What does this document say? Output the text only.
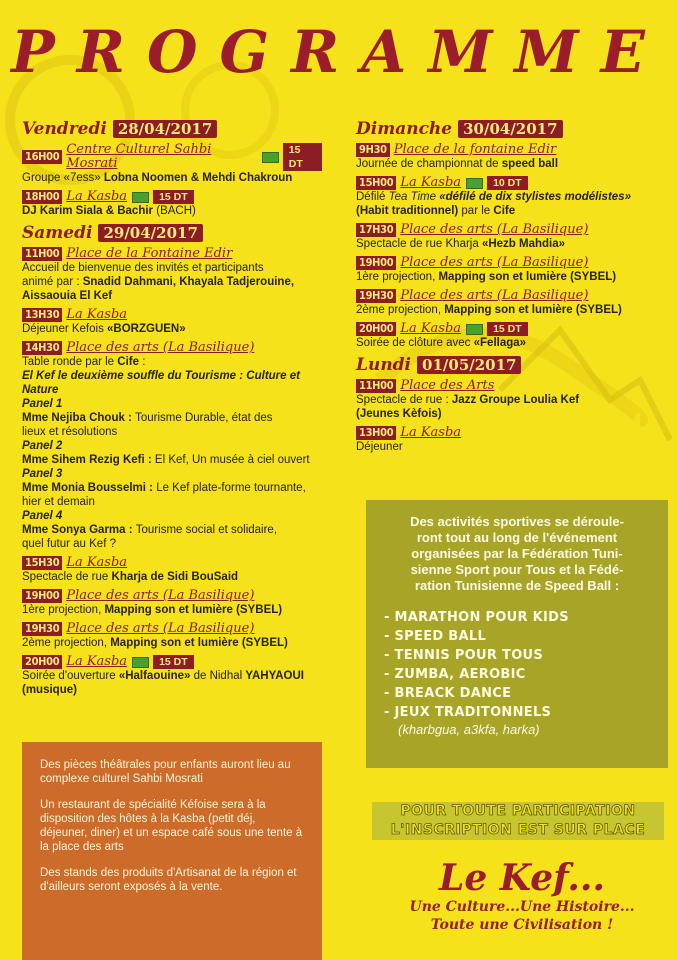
PROGRAMME
Vendredi 28/04/2017
16H00 Centre Culturel Sahbi Mosrati
15 DT
Groupe «7ess» Lobna Noomen & Mehdi Chakroun
18H00 La Kasba	15 DT
DJ Karim Siala & Bachir (BACH)
Samedi 29/04/2017
11H00 Place de la Fontaine Edir
Accueil de bienvenue des invités et participants
animé par : Snadid Dahmani, Khayala Tadjerouine,
Aissaouia El Kef
13H30 La Kasba
Déjeuner Kefois «BORZGUEN»
14H30 Place des arts (La Basilique)
Table ronde par le Cife :
El Kef le deuxième souffle du Tourisme : Culture et Nature
Panel 1
Mme Nejiba Chouk : Tourisme Durable, état des
lieux et résolutions
Panel 2
Mme Sihem Rezig Kefi : El Kef, Un musée à ciel ouvert
Panel 3
Mme Monia Bousselmi : Le Kef plate-forme tournante,
hier et demain
Panel 4
Mme Sonya Garma : Tourisme social et solidaire,
quel futur au Kef ?
15H30 La Kasba
Spectacle de rue Kharja de Sidi BouSaid
19H00 Place des arts (La Basilique)
1ère projection, Mapping son et lumière (SYBEL)
19H30 Place des arts (La Basilique)
2ème projection, Mapping son et lumière (SYBEL)
20H00 La Kasba	15 DT
Soirée d'ouverture «Halfaouine» de Nidhal YAHYAOUI
(musique)
Dimanche 30/04/2017
9H30 Place de la fontaine Edir
Journée de championnat de speed ball
15H00 La Kasba	10 DT
Défilé Tea Time «défilé de dix stylistes modélistes»
(Habit traditionnel) par le Cife
17H30 Place des arts (La Basilique)
Spectacle de rue Kharja «Hezb Mahdia»
19H00 Place des arts (La Basilique)
1ère projection, Mapping son et lumière (SYBEL)
19H30 Place des arts (La Basilique)
2ème projection, Mapping son et lumière (SYBEL)
20H00 La Kasba	15 DT
Soirée de clôture avec «Fellaga»
Lundi 01/05/2017
11H00 Place des Arts
Spectacle de rue : Jazz Groupe Loulia Kef
(Jeunes Kèfois)
13H00 La Kasba
Déjeuner
Des activités sportives se déroule-
ront tout au long de l'événement
organisées par la Fédération Tuni-
sienne Sport pour Tous et la Fédé-
ration Tunisienne de Speed Ball :
- MARATHON POUR KIDS
- SPEED BALL
- TENNIS POUR TOUS
- ZUMBA, AEROBIC
- BREACK DANCE
- JEUX TRADITONNELS
(kharbgua, a3kfa, harka)

Des pièces théâtrales pour enfants auront lieu au complexe culturel Sahbi Mosrati

Un restaurant de spécialité Kéfoise sera à la disposition des hôtes à la Kasba (petit déj, déjeuner, diner) et un espace café sous une tente à la place des arts

Des stands des produits d'Artisanat de la région et d'ailleurs seront exposés à la vente.

POUR TOUTE PARTICIPATION
L'INSCRIPTION EST SUR PLACE
Le Kef...
Une Culture...Une Histoire...
Toute une Civilisation !
